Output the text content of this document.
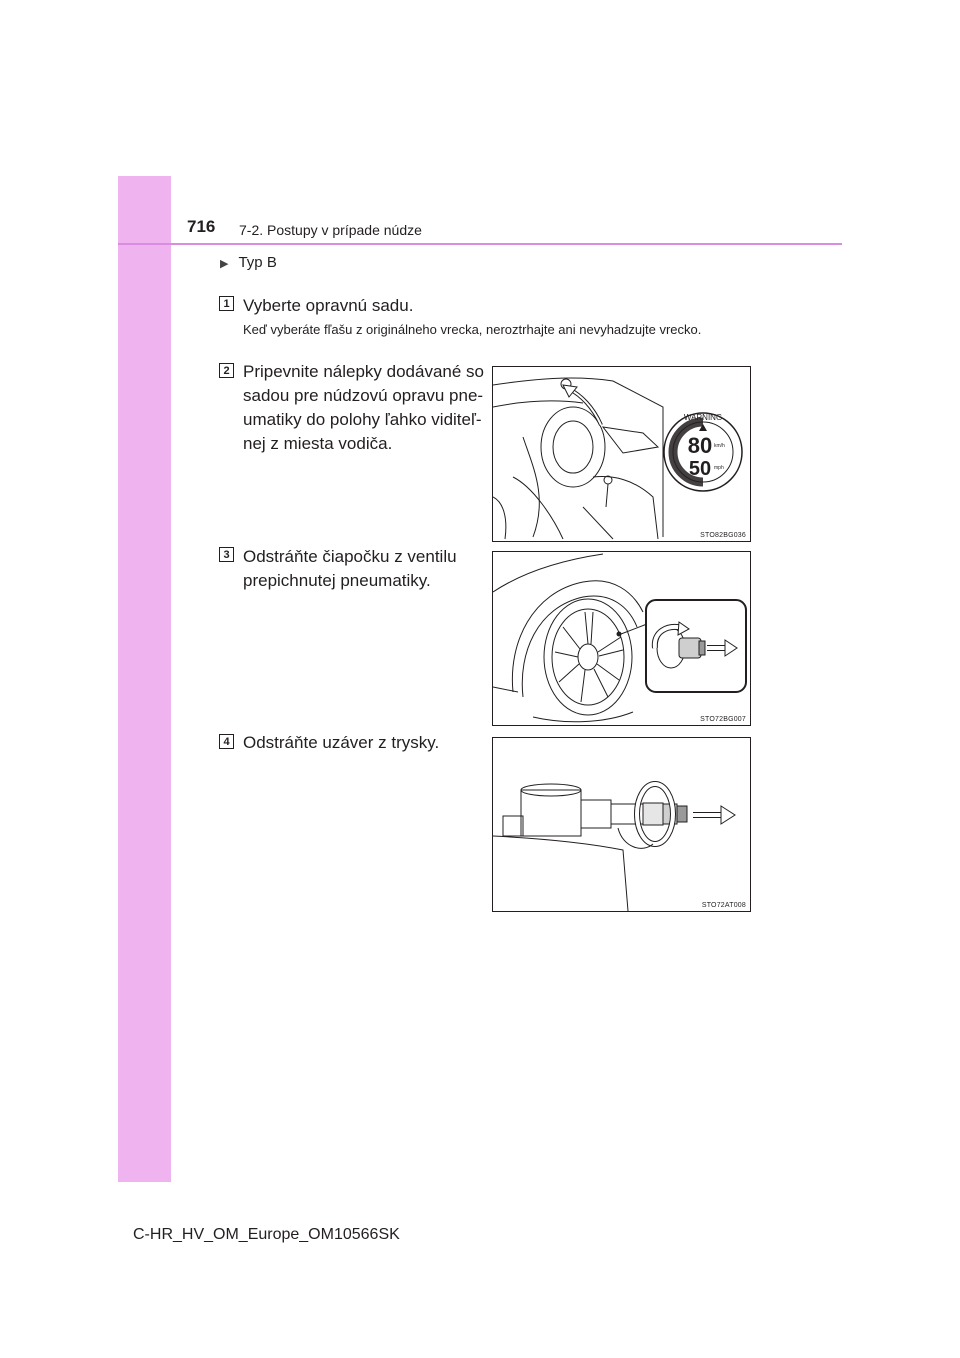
716 7-2. Postupy v prípade núdze
▶ Typ B
1 Vyberte opravnú sadu.
Keď vyberáte fľašu z originálneho vrecka, neroztrhajte ani nevyhadzujte vrecko.
2 Pripevnite nálepky dodávané so
sadou pre núdzovú opravu pne-
umatiky do polohy ľahko viditeľ-
nej z miesta vodiča.
WARNING
80
50
km/h
mph
max.
STO82BG036
3 Odstráňte čiapočku z ventilu
prepichnutej pneumatiky.
STO72BG007
4 Odstráňte uzáver z trysky.
STO72AT008
C-HR_HV_OM_Europe_OM10566SK
